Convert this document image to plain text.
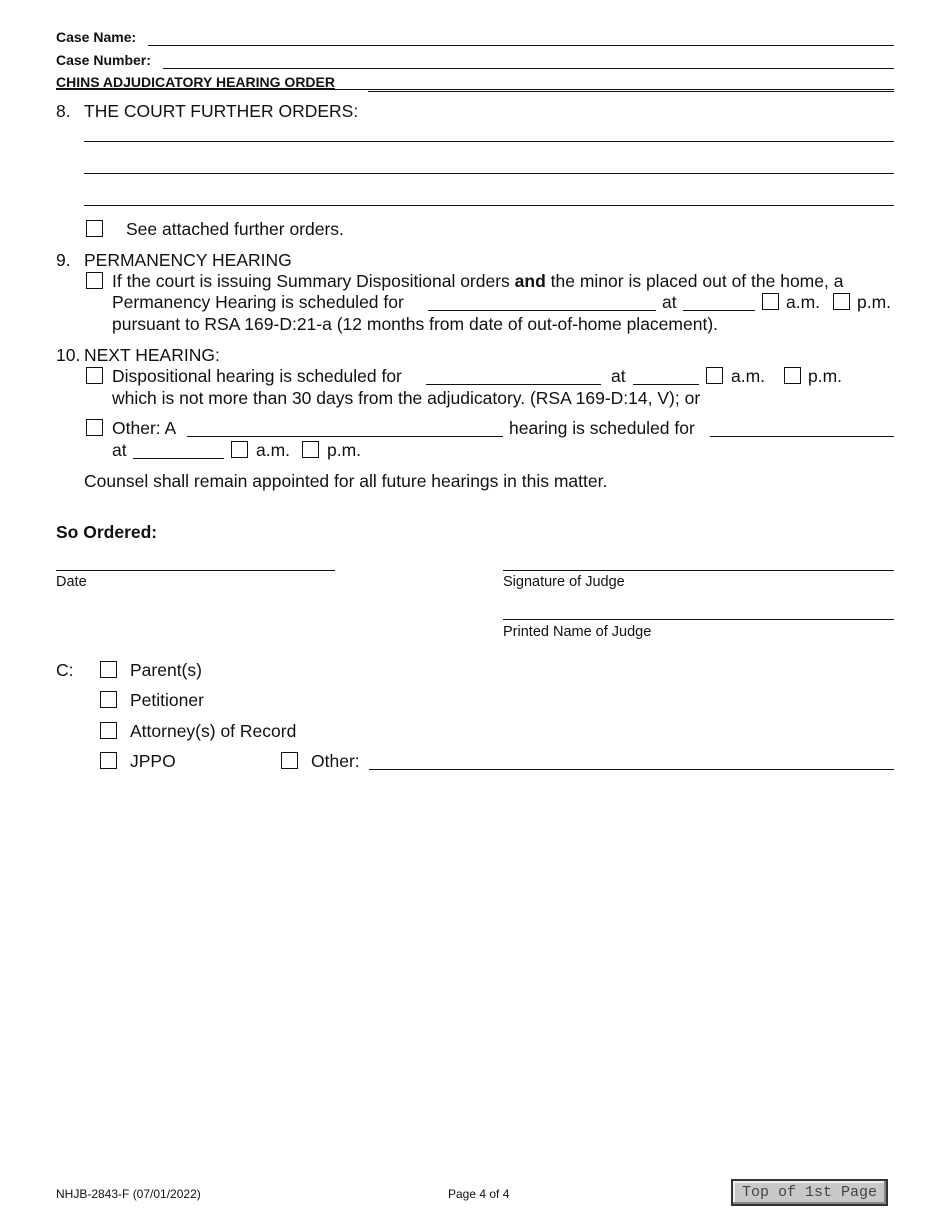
Case Name:
Case Number:
CHINS ADJUDICATORY HEARING ORDER
8. THE COURT FURTHER ORDERS:
See attached further orders.
9. PERMANENCY HEARING
If the court is issuing Summary Dispositional orders and the minor is placed out of the home, a
Permanency Hearing is scheduled for	at	a.m. p.m.
pursuant to RSA 169-D:21-a (12 months from date of out-of-home placement).
10. NEXT HEARING:
Dispositional hearing is scheduled for	at	a.m. p.m.
which is not more than 30 days from the adjudicatory. (RSA 169-D:14, V); or
Other: A	hearing is scheduled for
at	a.m. p.m.
Counsel shall remain appointed for all future hearings in this matter.
So Ordered:
Date	Signature of Judge
Printed Name of Judge
C:	Parent(s)
Petitioner
Attorney(s) of Record
JPPO	Other:
NHJB-2843-F (07/01/2022)	Page 4 of 4	Top of 1st Page
